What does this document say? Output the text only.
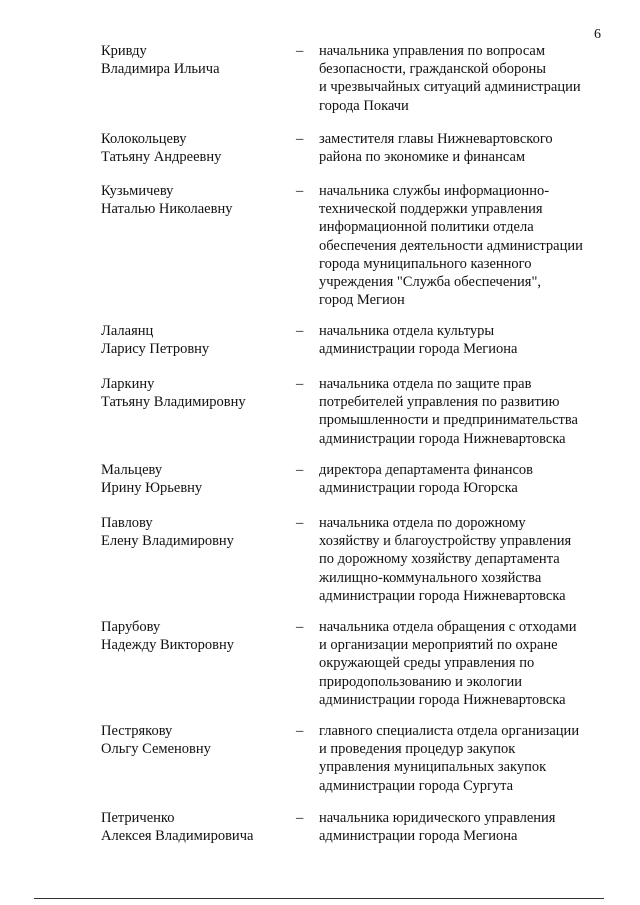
6
Кривду
Владимира Ильича
–	начальника управления по вопросам
безопасности, гражданской обороны
и чрезвычайных ситуаций администрации
города Покачи
Колокольцеву
Татьяну Андреевну
–	заместителя главы Нижневартовского
района по экономике и финансам
Кузьмичеву
Наталью Николаевну
–	начальника службы информационно-
технической поддержки управления
информационной политики отдела
обеспечения деятельности администрации
города муниципального казенного
учреждения "Служба обеспечения",
город Мегион
Лалаянц
Ларису Петровну
–	начальника отдела культуры
администрации города Мегиона
Ларкину
Татьяну Владимировну
–	начальника отдела по защите прав
потребителей управления по развитию
промышленности и предпринимательства
администрации города Нижневартовска
Мальцеву
Ирину Юрьевну
–	директора департамента финансов
администрации города Югорска
Павлову
Елену Владимировну
–	начальника отдела по дорожному
хозяйству и благоустройству управления
по дорожному хозяйству департамента
жилищно-коммунального хозяйства
администрации города Нижневартовска
Парубову
Надежду Викторовну
–	начальника отдела обращения с отходами
и организации мероприятий по охране
окружающей среды управления по
природопользованию и экологии
администрации города Нижневартовска
Пестрякову
Ольгу Семеновну
–	главного специалиста отдела организации
и проведения процедур закупок
управления муниципальных закупок
администрации города Сургута
Петриченко
Алексея Владимировича
–	начальника юридического управления
администрации города Мегиона
